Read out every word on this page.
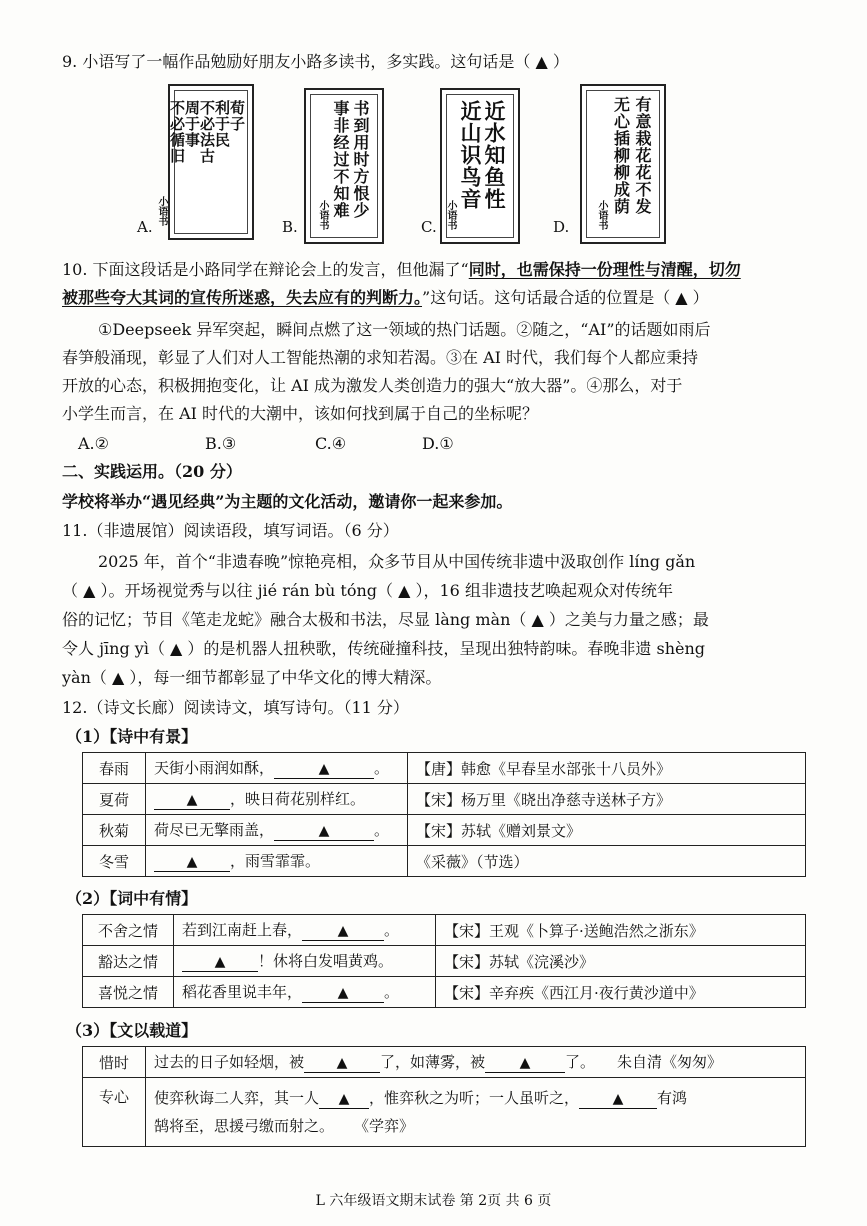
9. 小语写了一幅作品勉励好朋友小路多读书，多实践。这句话是（ ▲ ）
A.
荀子
利于民
不必法古
周于事
不必循旧
小语书
B.
书到用时方恨少
事非经过不知难
小语书	C.
近水知鱼性
近山识鸟音
小语书	D.
有意栽花花不发
无心插柳柳成荫
小语书
10. 下面这段话是小路同学在辩论会上的发言，但他漏了“同时，也需保持一份理性与清醒，切勿
被那些夸大其词的宣传所迷惑，失去应有的判断力。”这句话。这句话最合适的位置是（ ▲ ）
①Deepseek 异军突起，瞬间点燃了这一领域的热门话题。②随之，“AI”的话题如雨后
春笋般涌现，彰显了人们对人工智能热潮的求知若渴。③在 AI 时代，我们每个人都应秉持
开放的心态，积极拥抱变化，让 AI 成为激发人类创造力的强大“放大器”。④那么，对于
小学生而言，在 AI 时代的大潮中，该如何找到属于自己的坐标呢？
A.②	B.③	C.④	D.①
二、实践运用。（20 分）
学校将举办“遇见经典”为主题的文化活动，邀请你一起来参加。
11.（非遗展馆）阅读语段，填写词语。（6 分）
2025 年，首个“非遗春晚”惊艳亮相，众多节目从中国传统非遗中汲取创作 líng gǎn
（ ▲ ）。开场视觉秀与以往 jié rán bù tóng（ ▲ ），16 组非遗技艺唤起观众对传统年
俗的记忆；节目《笔走龙蛇》融合太极和书法，尽显 làng màn（ ▲ ）之美与力量之感；最
令人 jīng yì（ ▲ ）的是机器人扭秧歌，传统碰撞科技，呈现出独特韵味。春晚非遗 shèng
yàn（ ▲ ），每一细节都彰显了中华文化的博大精深。
12.（诗文长廊）阅读诗文，填写诗句。（11 分）
（1）【诗中有景】
春雨	天街小雨润如酥， ▲ 。	【唐】韩愈《早春呈水部张十八员外》
夏荷	▲ ，映日荷花别样红。	【宋】杨万里《晓出净慈寺送林子方》
秋菊	荷尽已无擎雨盖， ▲ 。	【宋】苏轼《赠刘景文》
冬雪	▲ ，雨雪霏霏。	《采薇》（节选）
（2）【词中有情】
不舍之情	若到江南赶上春， ▲ 。	【宋】王观《卜算子·送鲍浩然之浙东》
豁达之情	▲ ！休将白发唱黄鸡。	【宋】苏轼《浣溪沙》
喜悦之情	稻花香里说丰年， ▲ 。	【宋】辛弃疾《西江月·夜行黄沙道中》
（3）【文以载道】
惜时	过去的日子如轻烟，被 ▲ 了，如薄雾，被 ▲ 了。 朱自清《匆匆》
专心	使弈秋诲二人弈，其一人 ▲ ，惟弈秋之为听；一人虽听之， ▲ 有鸿
鹄将至，思援弓缴而射之。 《学弈》
L 六年级语文期末试卷 第 2页 共 6 页
